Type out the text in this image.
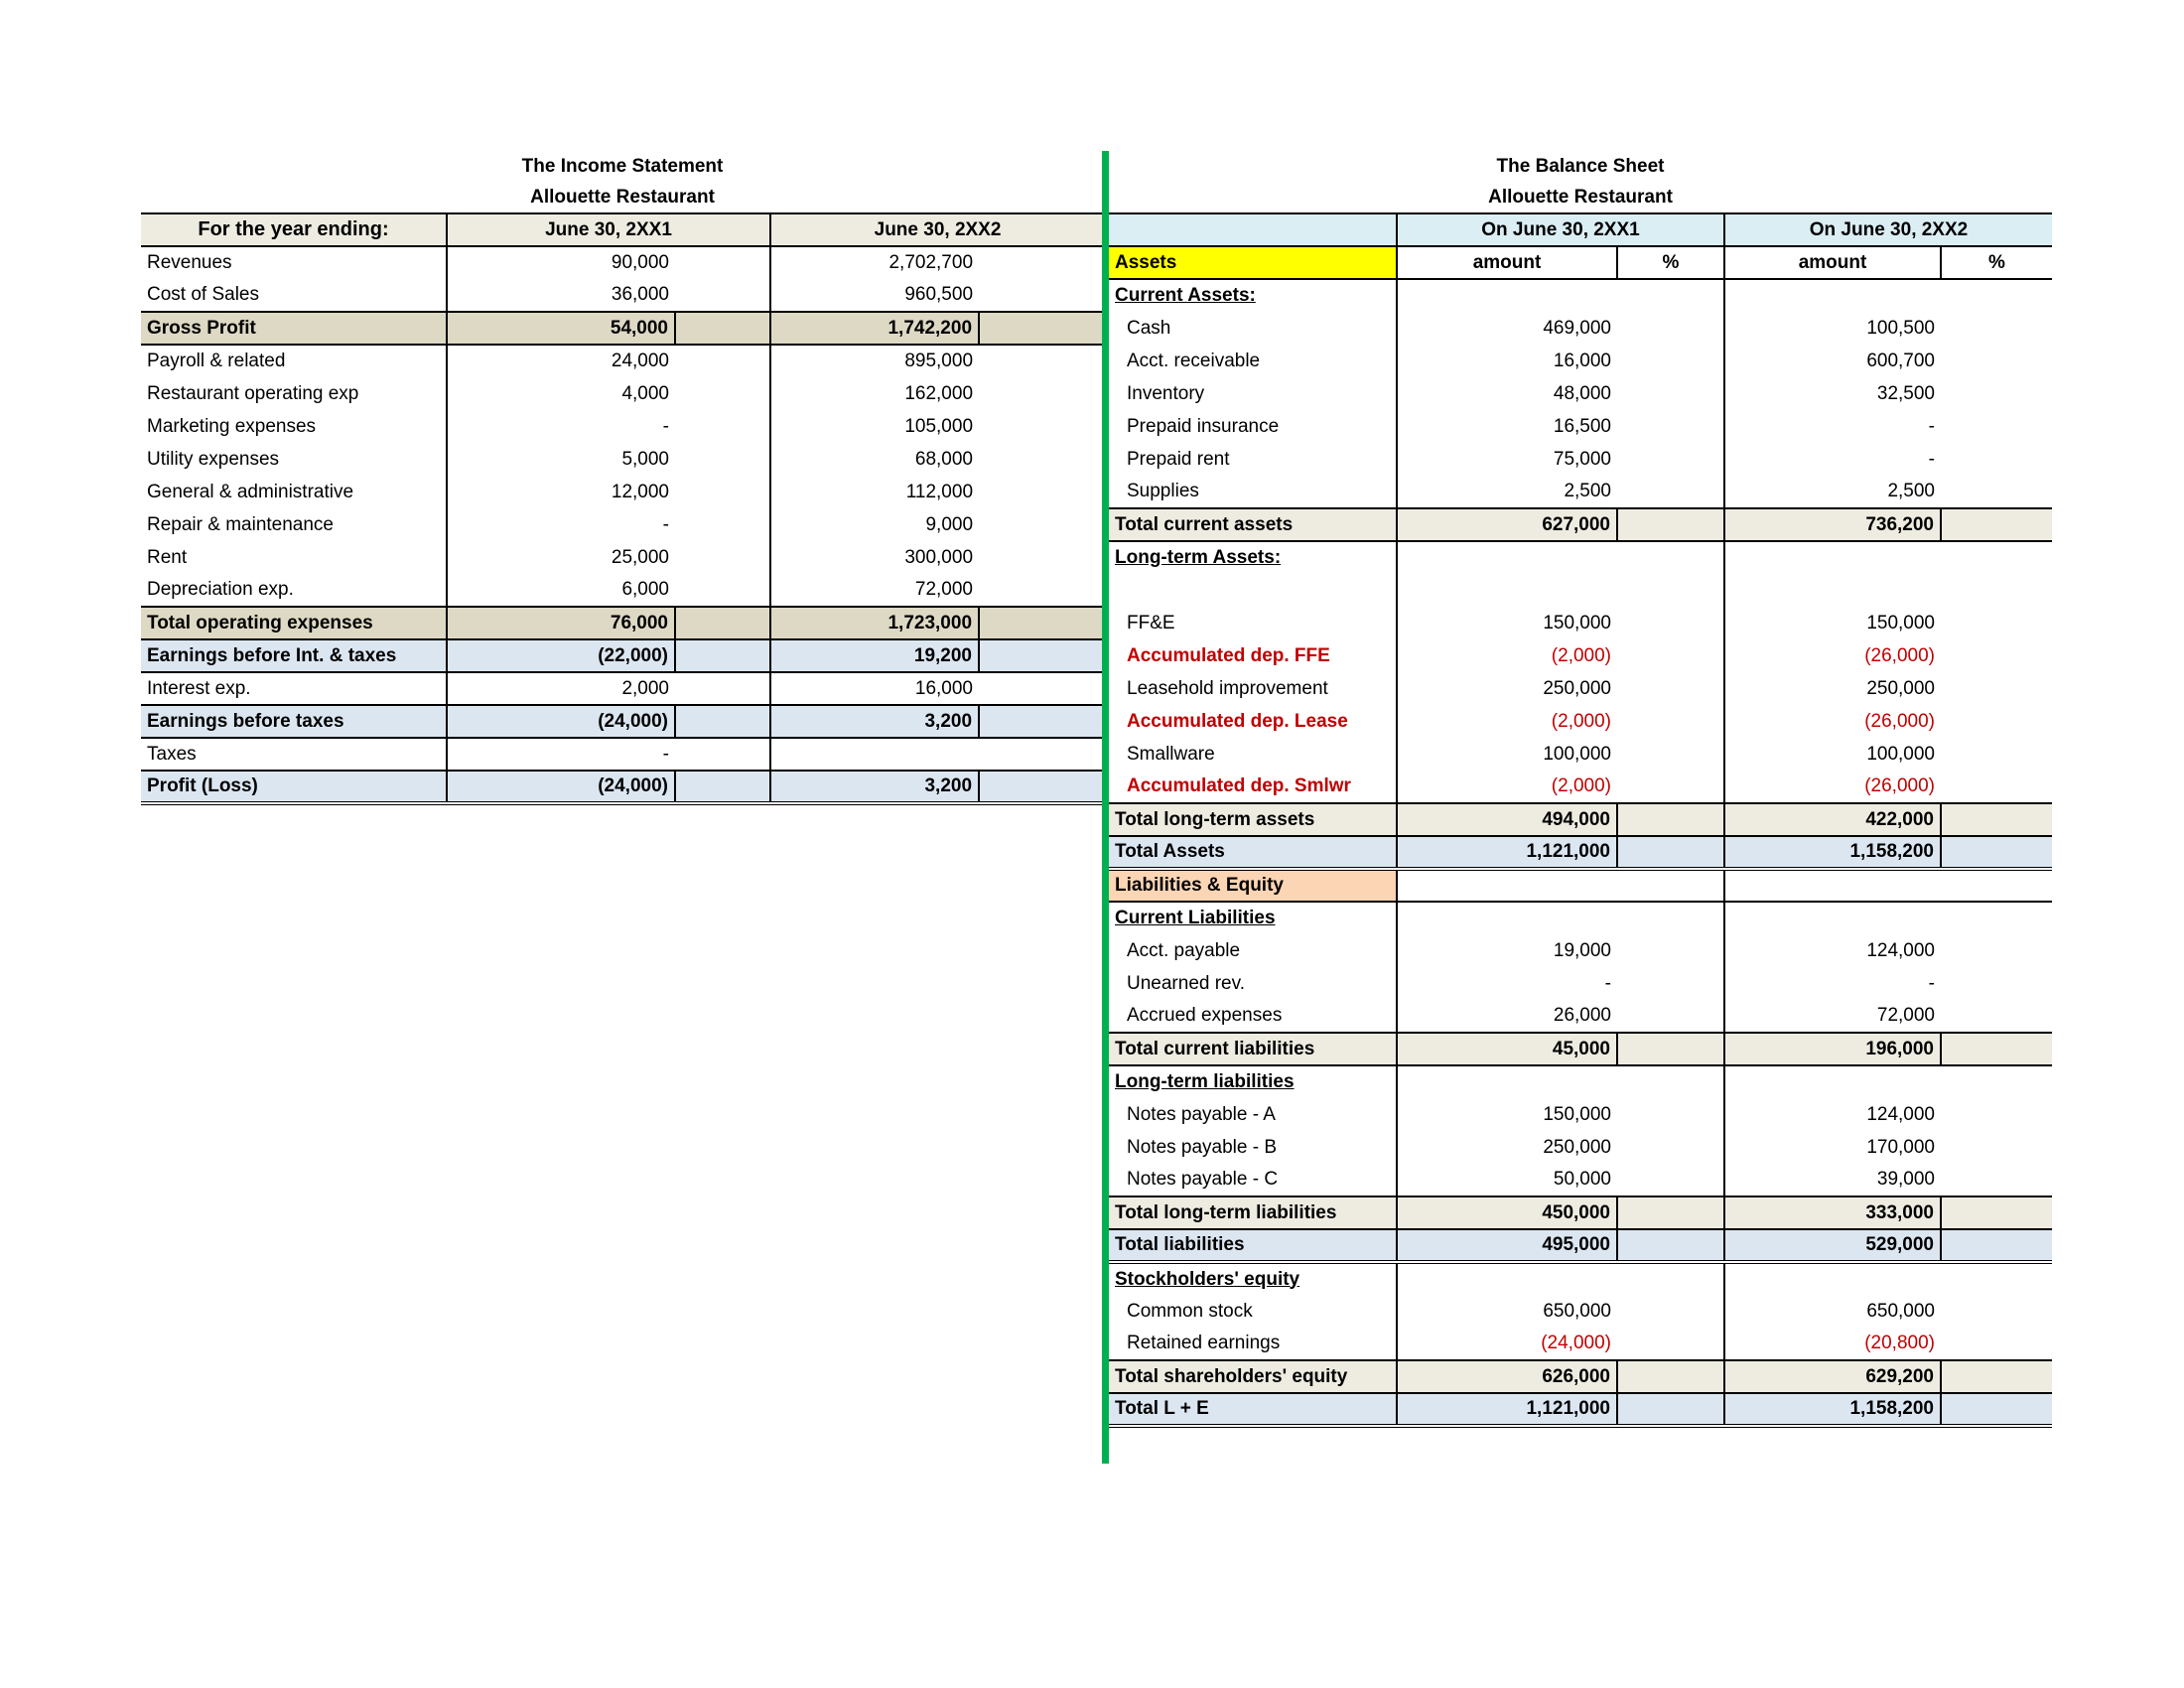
The Income Statement
Allouette Restaurant
For the year ending:	June 30, 2XX1		June 30, 2XX2	
Revenues	90,000		2,702,700	
Cost of Sales	36,000		960,500	
Gross Profit	54,000		1,742,200	
Payroll & related	24,000		895,000	
Restaurant operating exp	4,000		162,000	
Marketing expenses	-		105,000	
Utility expenses	5,000		68,000	
General & administrative	12,000		112,000	
Repair & maintenance	-		9,000	
Rent	25,000		300,000	
Depreciation exp.	6,000		72,000	
Total operating expenses	76,000		1,723,000	
Earnings before Int. & taxes	(22,000)		19,200	
Interest exp.	2,000		16,000	
Earnings before taxes	(24,000)		3,200	
Taxes	-			
Profit (Loss)	(24,000)		3,200	
The Balance Sheet
Allouette Restaurant
	On June 30, 2XX1		On June 30, 2XX2	
Assets	amount	%	amount	%
Current Assets:				
Cash	469,000		100,500	
Acct. receivable	16,000		600,700	
Inventory	48,000		32,500	
Prepaid insurance	16,500		-	
Prepaid rent	75,000		-	
Supplies	2,500		2,500	
Total current assets	627,000		736,200	
Long-term Assets:				

FF&E	150,000		150,000	
Accumulated dep. FFE	(2,000)		(26,000)	
Leasehold improvement	250,000		250,000	
Accumulated dep. Lease	(2,000)		(26,000)	
Smallware	100,000		100,000	
Accumulated dep. Smlwr	(2,000)		(26,000)	
Total long-term assets	494,000		422,000	
Total Assets	1,121,000		1,158,200	
Liabilities & Equity				
Current Liabilities				
Acct. payable	19,000		124,000	
Unearned rev.	-		-	
Accrued expenses	26,000		72,000	
Total current liabilities	45,000		196,000	
Long-term liabilities				
Notes payable - A	150,000		124,000	
Notes payable - B	250,000		170,000	
Notes payable - C	50,000		39,000	
Total long-term liabilities	450,000		333,000	
Total liabilities	495,000		529,000	
Stockholders' equity				
Common stock	650,000		650,000	
Retained earnings	(24,000)		(20,800)	
Total shareholders' equity	626,000		629,200	
Total L + E	1,121,000		1,158,200	
